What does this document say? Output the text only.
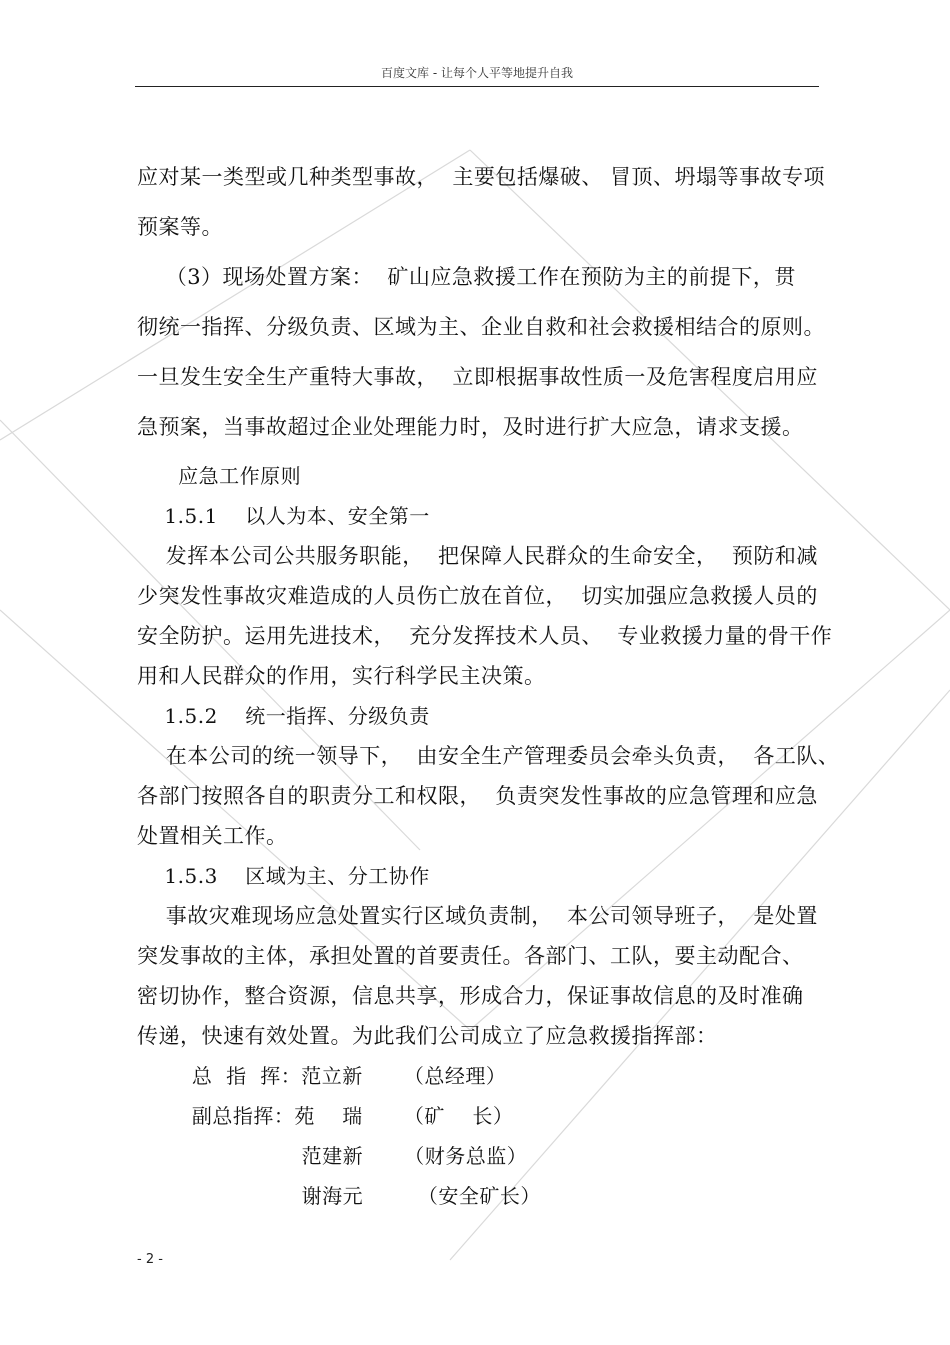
百度文库 - 让每个人平等地提升自我
应对某一类型或几种类型事故，  主要包括爆破、 冒顶、坍塌等事故专项
预案等。
（3）现场处置方案：  矿山应急救援工作在预防为主的前提下，贯
彻统一指挥、分级负责、区域为主、企业自救和社会救援相结合的原则。
一旦发生安全生产重特大事故，  立即根据事故性质一及危害程度启用应
急预案，当事故超过企业处理能力时，及时进行扩大应急，请求支援。
应急工作原则
1.5.1    以人为本、安全第一
发挥本公司公共服务职能，  把保障人民群众的生命安全，  预防和减
少突发性事故灾难造成的人员伤亡放在首位，  切实加强应急救援人员的
安全防护。运用先进技术，  充分发挥技术人员、  专业救援力量的骨干作
用和人民群众的作用，实行科学民主决策。
1.5.2    统一指挥、分级负责
在本公司的统一领导下，  由安全生产管理委员会牵头负责，  各工队、
各部门按照各自的职责分工和权限，  负责突发性事故的应急管理和应急
处置相关工作。
1.5.3    区域为主、分工协作
事故灾难现场应急处置实行区域负责制，  本公司领导班子，  是处置
突发事故的主体，承担处置的首要责任。各部门、工队，要主动配合、
密切协作，整合资源，信息共享，形成合力，保证事故信息的及时准确
传递，快速有效处置。为此我们公司成立了应急救援指挥部：
总  指  挥：范立新      （总经理）
副总指挥：苑    瑞      （矿    长）
范建新      （财务总监）
谢海元        （安全矿长）
- 2 -
